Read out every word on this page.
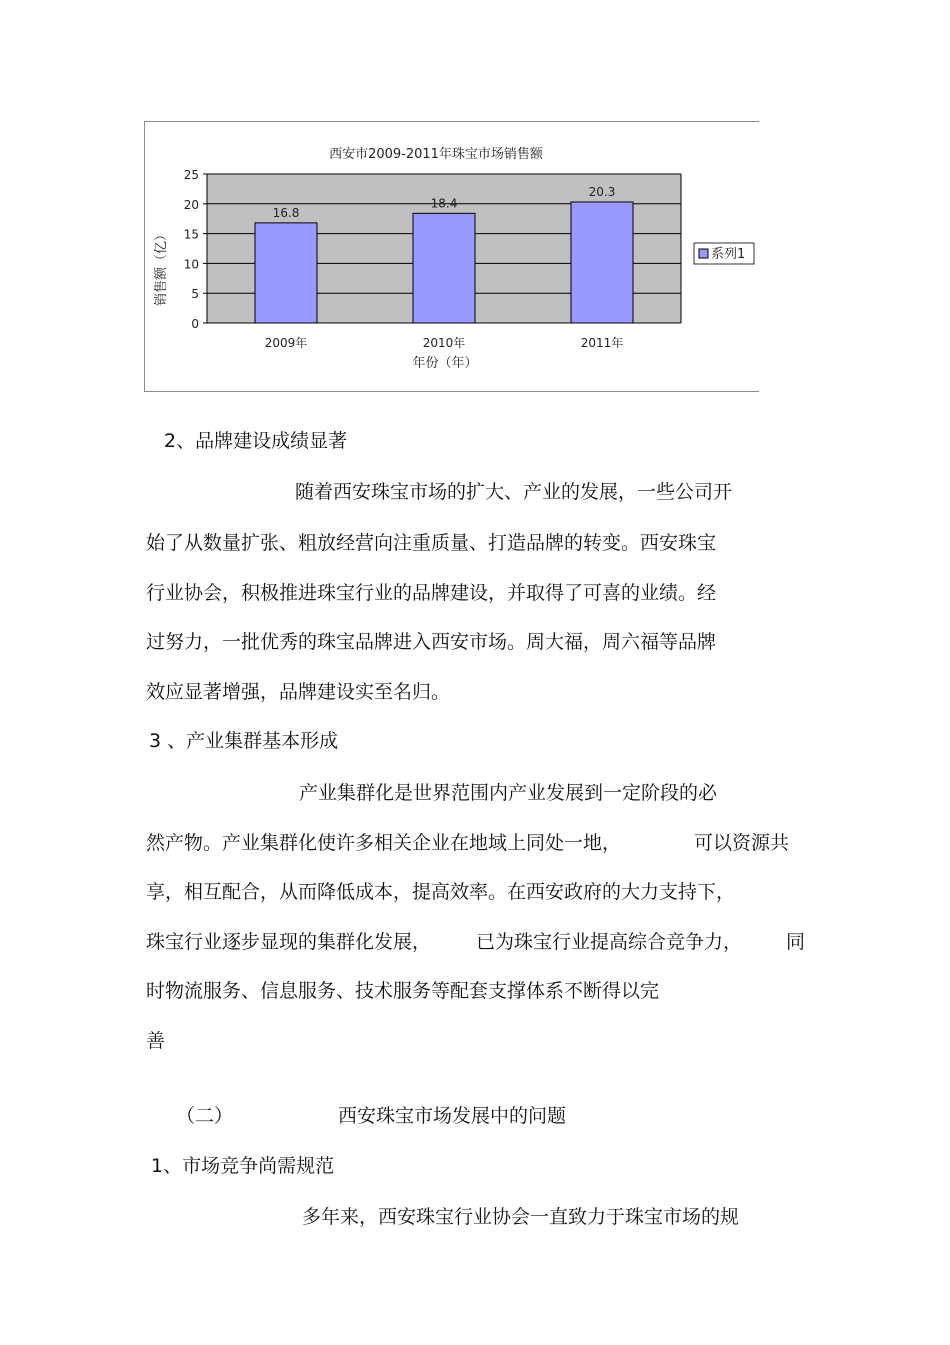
西安市2009-2011年珠宝市场销售额
0
5
10
15
20
25
16.8
2009年
18.4
2010年
20.3
2011年
年份（年）
销售额（亿）	系列1
2、品牌建设成绩显著
随着西安珠宝市场的扩大、产业的发展，一些公司开
始了从数量扩张、粗放经营向注重质量、打造品牌的转变。西安珠宝
行业协会，积极推进珠宝行业的品牌建设，并取得了可喜的业绩。经
过努力，一批优秀的珠宝品牌进入西安市场。周大福，周六福等品牌
效应显著增强，品牌建设实至名归。
3 、产业集群基本形成
产业集群化是世界范围内产业发展到一定阶段的必
然产物。产业集群化使许多相关企业在地域上同处一地，	可以资源共
享，相互配合，从而降低成本，提高效率。在西安政府的大力支持下，
珠宝行业逐步显现的集群化发展， 已为珠宝行业提高综合竞争力， 同
时物流服务、信息服务、技术服务等配套支撑体系不断得以完
善
（二）	西安珠宝市场发展中的问题
1、市场竞争尚需规范
多年来，西安珠宝行业协会一直致力于珠宝市场的规
